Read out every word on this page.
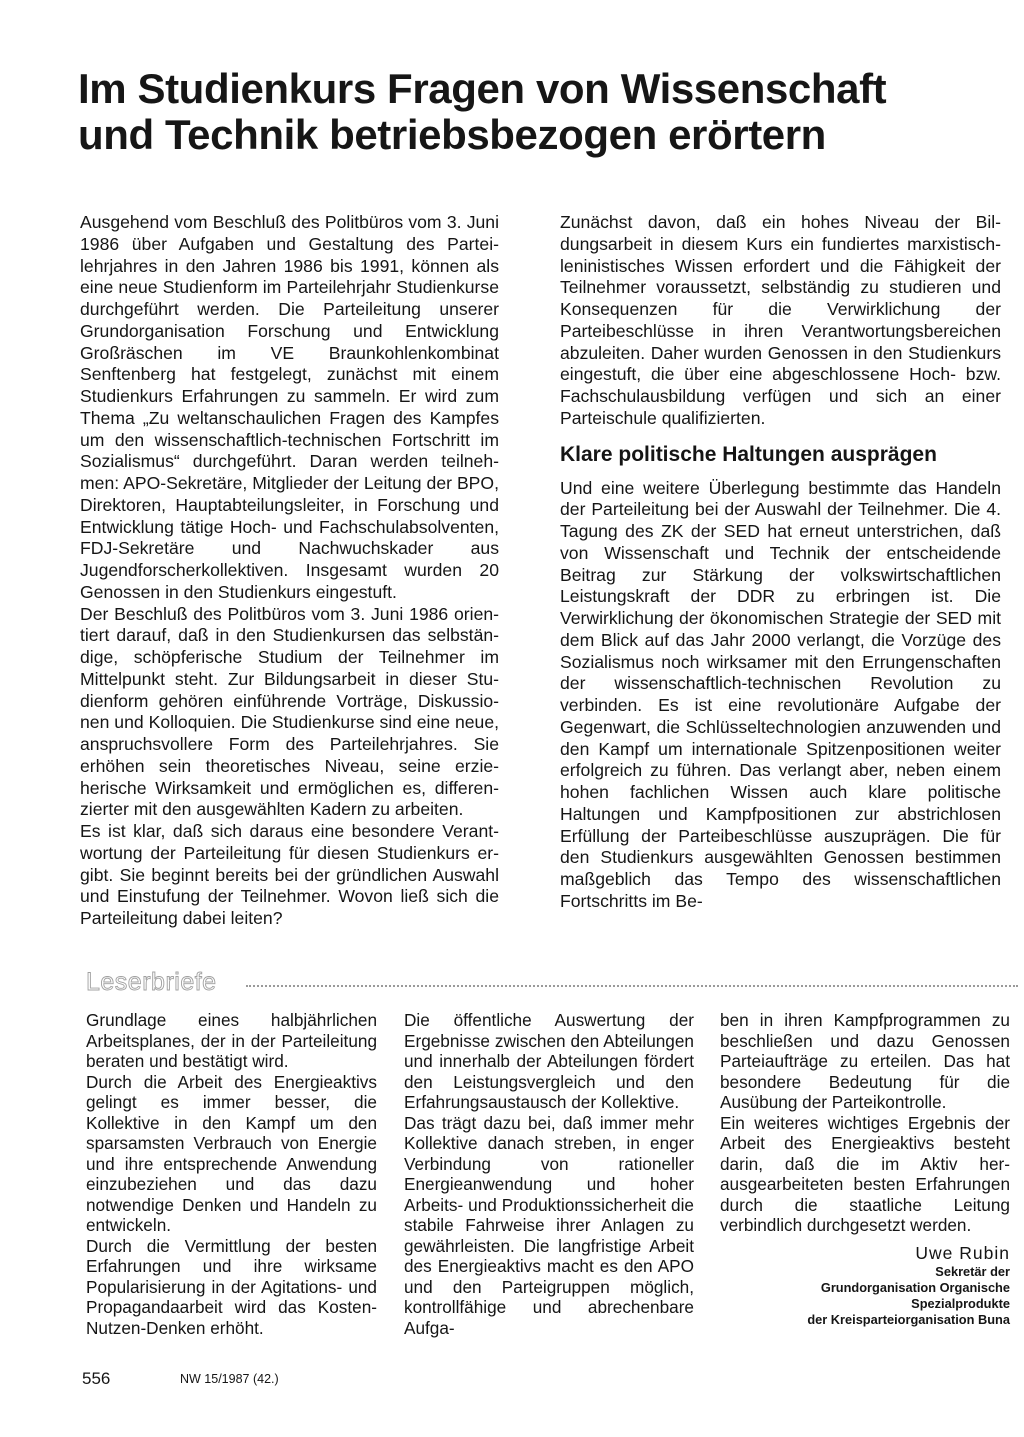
Im Studienkurs Fragen von Wissenschaft
und Technik betriebsbezogen erörtern

Ausgehend vom Beschluß des Politbüros vom 3. Juni 1986 über Aufgaben und Gestaltung des Parteilehrjahres in den Jahren 1986 bis 1991, können als eine neue Studienform im Parteilehrjahr Studienkurse durchgeführt werden. Die Parteileitung unserer Grundorganisation Forschung und Entwicklung Großräschen im VE Braunkohlenkombinat Senftenberg hat festgelegt, zunächst mit einem Studienkurs Erfahrungen zu sammeln. Er wird zum Thema „Zu weltanschaulichen Fragen des Kampfes um den wissenschaftlich-technischen Fortschritt im Sozialismus“ durchgeführt. Daran werden teilnehmen: APO-Sekretäre, Mitglieder der Leitung der BPO, Direktoren, Hauptabteilungsleiter, in Forschung und Entwicklung tätige Hoch- und Fachschulabsolventen, FDJ-Sekretäre und Nachwuchskader aus Jugendforscherkollektiven. Insgesamt wurden 20 Genossen in den Studienkurs eingestuft.

Der Beschluß des Politbüros vom 3. Juni 1986 orientiert darauf, daß in den Studienkursen das selbständige, schöpferische Studium der Teilnehmer im Mittelpunkt steht. Zur Bildungsarbeit in dieser Studienform gehören einführende Vorträge, Diskussionen und Kolloquien. Die Studienkurse sind eine neue, anspruchsvollere Form des Parteilehrjahres. Sie erhöhen sein theoretisches Niveau, seine erzieherische Wirksamkeit und ermöglichen es, differenzierter mit den ausgewählten Kadern zu arbeiten.

Es ist klar, daß sich daraus eine besondere Verantwortung der Parteileitung für diesen Studienkurs ergibt. Sie beginnt bereits bei der gründlichen Auswahl und Einstufung der Teilnehmer. Wovon ließ sich die Parteileitung dabei leiten?

Zunächst davon, daß ein hohes Niveau der Bildungsarbeit in diesem Kurs ein fundiertes marxistisch-leninistisches Wissen erfordert und die Fähigkeit der Teilnehmer voraussetzt, selbständig zu studieren und Konsequenzen für die Verwirklichung der Parteibeschlüsse in ihren Verantwortungsbereichen abzuleiten. Daher wurden Genossen in den Studienkurs eingestuft, die über eine abgeschlossene Hoch- bzw. Fachschulausbildung verfügen und sich an einer Parteischule qualifizierten.

Klare politische Haltungen ausprägen

Und eine weitere Überlegung bestimmte das Handeln der Parteileitung bei der Auswahl der Teilnehmer. Die 4. Tagung des ZK der SED hat erneut unterstrichen, daß von Wissenschaft und Technik der entscheidende Beitrag zur Stärkung der volkswirtschaftlichen Leistungskraft der DDR zu erbringen ist. Die Verwirklichung der ökonomischen Strategie der SED mit dem Blick auf das Jahr 2000 verlangt, die Vorzüge des Sozialismus noch wirksamer mit den Errungenschaften der wissenschaftlich-technischen Revolution zu verbinden. Es ist eine revolutionäre Aufgabe der Gegenwart, die Schlüsseltechnologien anzuwenden und den Kampf um internationale Spitzenpositionen weiter erfolgreich zu führen. Das verlangt aber, neben einem hohen fachlichen Wissen auch klare politische Haltungen und Kampfpositionen zur abstrichlosen Erfüllung der Parteibeschlüsse auszuprägen. Die für den Studienkurs ausgewählten Genossen bestimmen maßgeblich das Tempo des wissenschaftlichen Fortschritts im Be-

Leserbriefe

Grundlage eines halbjährlichen Arbeitsplanes, der in der Parteileitung beraten und bestätigt wird.

Durch die Arbeit des Energieaktivs gelingt es immer besser, die Kollektive in den Kampf um den sparsamsten Verbrauch von Energie und ihre entsprechende Anwendung einzubeziehen und das dazu notwendige Denken und Handeln zu entwickeln.

Durch die Vermittlung der besten Erfahrungen und ihre wirksame Popularisierung in der Agitations- und Propagandaarbeit wird das Kosten-Nutzen-Denken erhöht.

Die öffentliche Auswertung der Ergebnisse zwischen den Abteilungen und innerhalb der Abteilungen fördert den Leistungsvergleich und den Erfahrungsaustausch der Kollektive.

Das trägt dazu bei, daß immer mehr Kollektive danach streben, in enger Verbindung von rationeller Energieanwendung und hoher Arbeits- und Produktionssicherheit die stabile Fahrweise ihrer Anlagen zu gewährleisten. Die langfristige Arbeit des Energieaktivs macht es den APO und den Parteigruppen möglich, kontrollfähige und abrechenbare Aufga-

ben in ihren Kampfprogrammen zu beschließen und dazu Genossen Parteiaufträge zu erteilen. Das hat besondere Bedeutung für die Ausübung der Parteikontrolle.

Ein weiteres wichtiges Ergebnis der Arbeit des Energieaktivs besteht darin, daß die im Aktiv herausgearbeiteten besten Erfahrungen durch die staatliche Leitung verbindlich durchgesetzt werden.

Uwe Rubin
Sekretär der
Grundorganisation Organische
Spezialprodukte
der Kreisparteiorganisation Buna
556	NW 15/1987 (42.)
